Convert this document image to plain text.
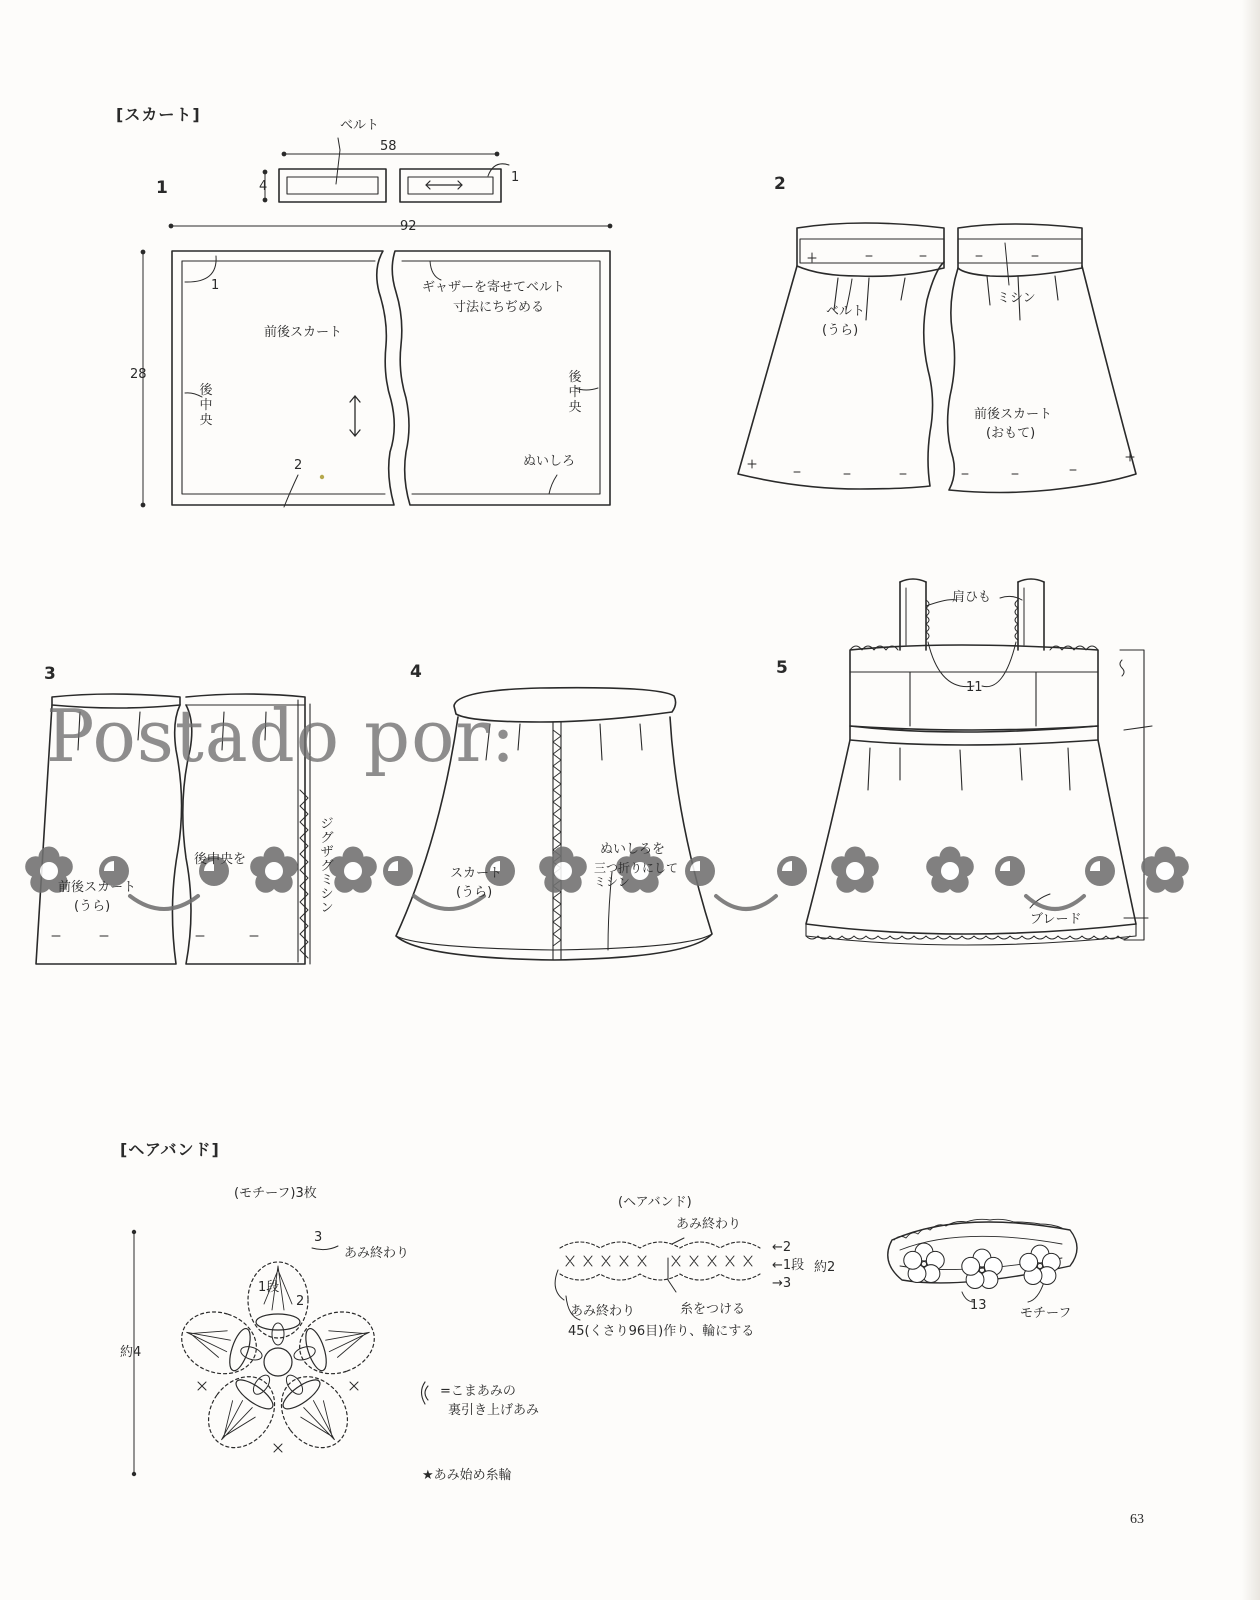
[スカート]
1	2
3	4	5
ベルト
58
4
1
92
28
1
2
ギャザーを寄せてベルト
寸法にちぢめる
前後スカート
後中央
後中央
ぬいしろ
ベルト
(うら)
ミシン
前後スカート
(おもて)
前後スカート
(うら)
後中央を
ジグザグミシン
スカート
(うら)
ぬいしろを
三つ折りにしてミシン
肩ひも
11
ブレード
[ヘアバンド]
(モチーフ)3枚
3
あみ終わり
1段
2
約4
(ヘアバンド)
あみ終わり
←2
←1段 約2
→3
あみ終わり	糸をつける
45(くさり96目)作り、輪にする
=こまあみの
裏引き上げあみ
★あみ始め糸輪
13
モチーフ
Postado por:
63
